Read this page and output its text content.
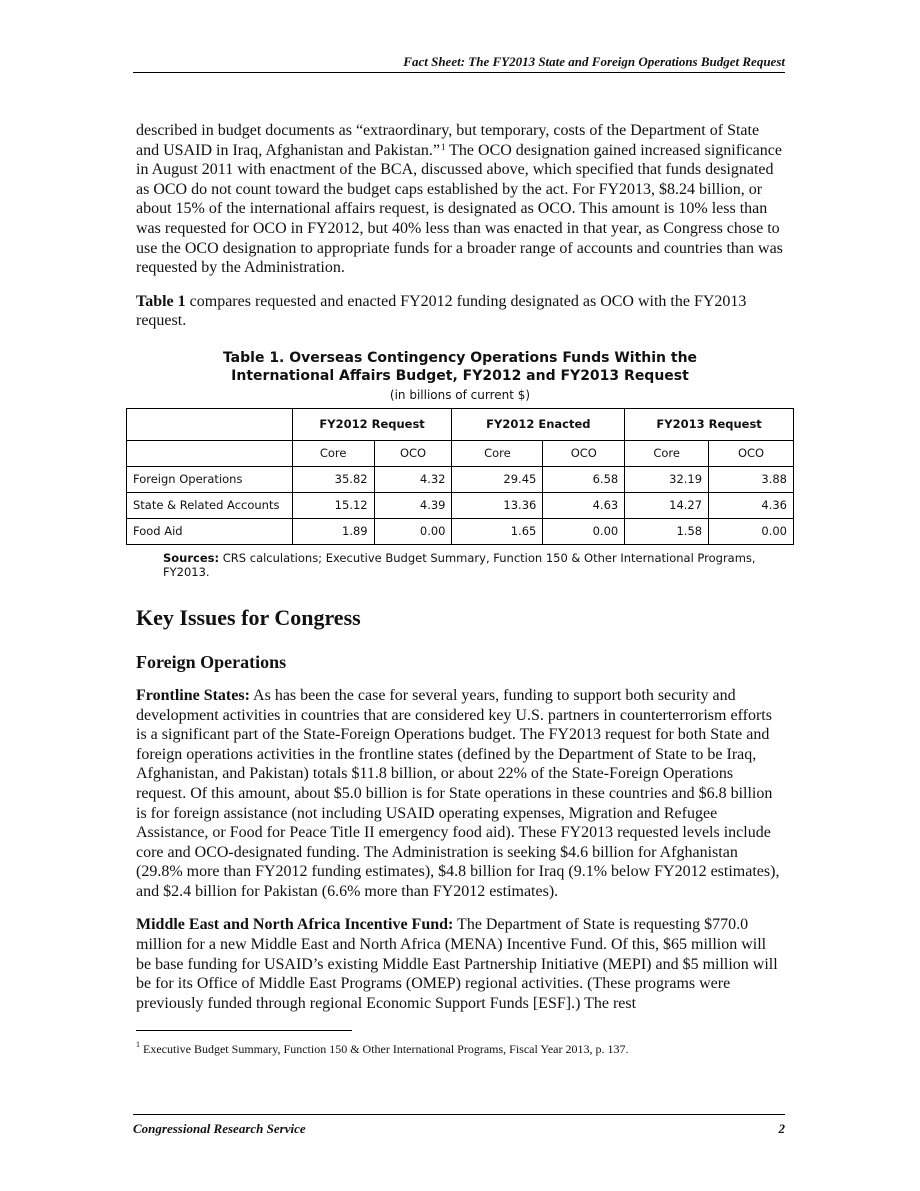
Fact Sheet: The FY2013 State and Foreign Operations Budget Request

described in budget documents as “extraordinary, but temporary, costs of the Department of State and USAID in Iraq, Afghanistan and Pakistan.”$^1$ The OCO designation gained increased significance in August 2011 with enactment of the BCA, discussed above, which specified that funds designated as OCO do not count toward the budget caps established by the act. For FY2013, $8.24 billion, or about 15% of the international affairs request, is designated as OCO. This amount is 10% less than was requested for OCO in FY2012, but 40% less than was enacted in that year, as Congress chose to use the OCO designation to appropriate funds for a broader range of accounts and countries than was requested by the Administration.

Table 1 compares requested and enacted FY2012 funding designated as OCO with the FY2013 request.

Table 1. Overseas Contingency Operations Funds Within the
International Affairs Budget, FY2012 and FY2013 Request
(in billions of current $)
	FY2012 Request		FY2012 Enacted		FY2013 Request	
	Core	OCO	Core	OCO	Core	OCO
Foreign Operations	35.82	4.32	29.45	6.58	32.19	3.88
State & Related Accounts	15.12	4.39	13.36	4.63	14.27	4.36
Food Aid	1.89	0.00	1.65	0.00	1.58	0.00
Sources: CRS calculations; Executive Budget Summary, Function 150 & Other International Programs, FY2013.
Key Issues for Congress
Foreign Operations

Frontline States: As has been the case for several years, funding to support both security and development activities in countries that are considered key U.S. partners in counterterrorism efforts is a significant part of the State-Foreign Operations budget. The FY2013 request for both State and foreign operations activities in the frontline states (defined by the Department of State to be Iraq, Afghanistan, and Pakistan) totals $11.8 billion, or about 22% of the State-Foreign Operations request. Of this amount, about $5.0 billion is for State operations in these countries and $6.8 billion is for foreign assistance (not including USAID operating expenses, Migration and Refugee Assistance, or Food for Peace Title II emergency food aid). These FY2013 requested levels include core and OCO-designated funding. The Administration is seeking $4.6 billion for Afghanistan (29.8% more than FY2012 funding estimates), $4.8 billion for Iraq (9.1% below FY2012 estimates), and $2.4 billion for Pakistan (6.6% more than FY2012 estimates).

Middle East and North Africa Incentive Fund: The Department of State is requesting $770.0 million for a new Middle East and North Africa (MENA) Incentive Fund. Of this, $65 million will be base funding for USAID’s existing Middle East Partnership Initiative (MEPI) and $5 million will be for its Office of Middle East Programs (OMEP) regional activities. (These programs were previously funded through regional Economic Support Funds [ESF].) The rest

$^1$ Executive Budget Summary, Function 150 & Other International Programs, Fiscal Year 2013, p. 137.
Congressional Research Service	2
